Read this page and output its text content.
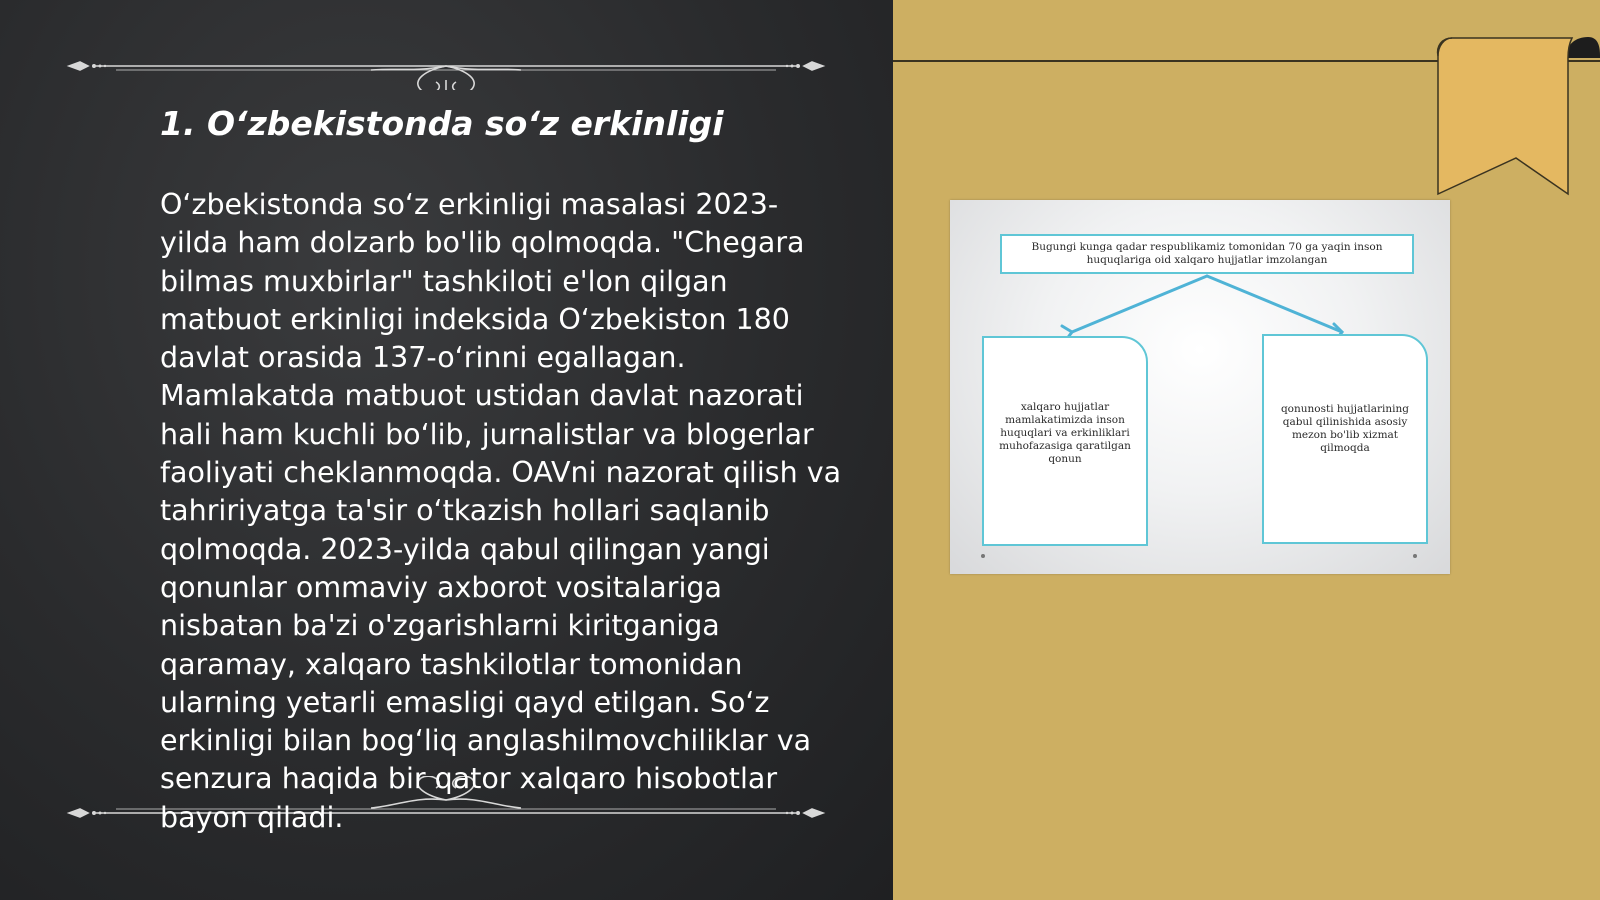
1. O‘zbekistonda so‘z erkinligi

O‘zbekistonda so‘z erkinligi masalasi 2023-yilda ham dolzarb bo'lib qolmoqda. "Chegara bilmas muxbirlar" tashkiloti e'lon qilgan matbuot erkinligi indeksida O‘zbekiston 180 davlat orasida 137-o‘rinni egallagan. Mamlakatda matbuot ustidan davlat nazorati hali ham kuchli bo‘lib, jurnalistlar va blogerlar faoliyati cheklanmoqda. OAVni nazorat qilish va tahririyatga ta'sir o‘tkazish hollari saqlanib qolmoqda. 2023-yilda qabul qilingan yangi qonunlar ommaviy axborot vositalariga nisbatan ba'zi o'zgarishlarni kiritganiga qaramay, xalqaro tashkilotlar tomonidan ularning yetarli emasligi qayd etilgan. So‘z erkinligi bilan bog‘liq anglashilmovchiliklar va senzura haqida bir qator xalqaro hisobotlar bayon qiladi.

Bugungi kunga qadar respublikamiz tomonidan 70 ga yaqin inson huquqlariga oid xalqaro hujjatlar imzolangan
xalqaro hujjatlar mamlakatimizda inson huquqlari va erkinliklari muhofazasiga qaratilgan qonun
qonunosti hujjatlarining qabul qilinishida asosiy mezon bo'lib xizmat qilmoqda
